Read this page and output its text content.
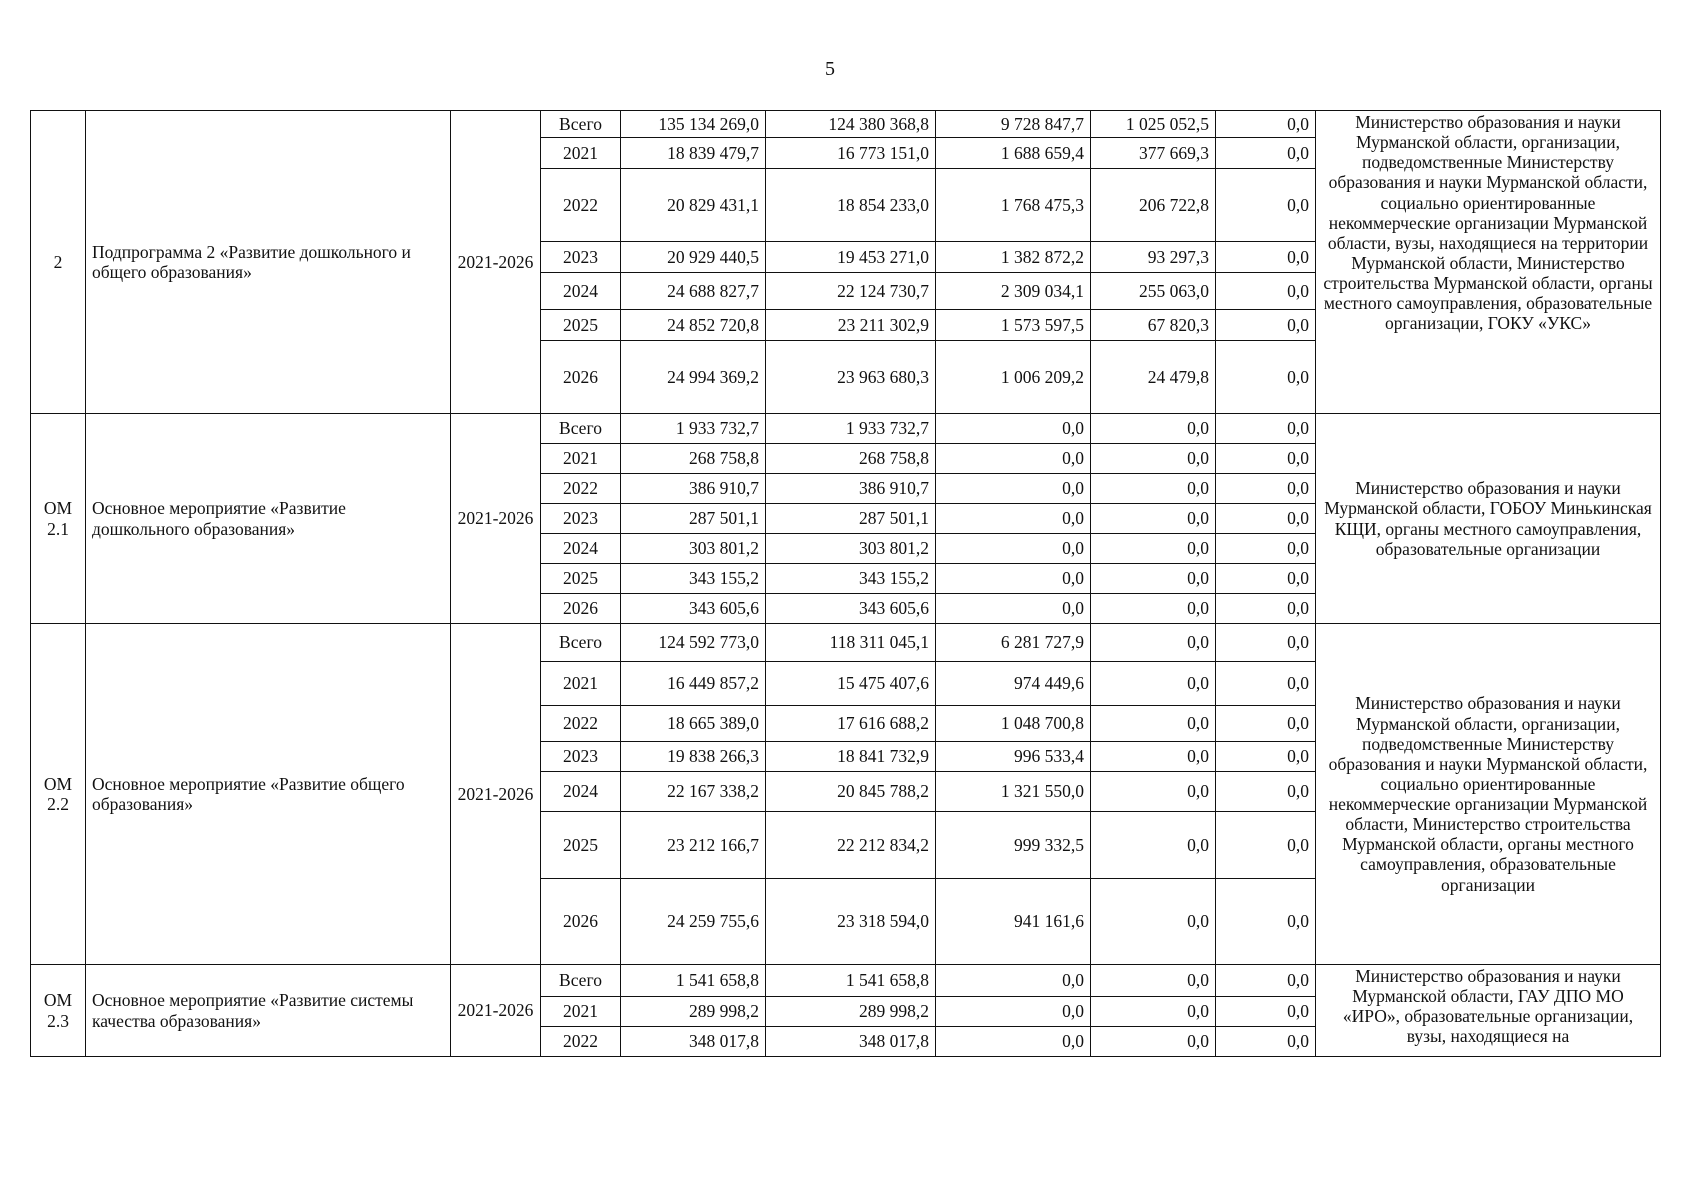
5
2	Подпрограмма 2 «Развитие дошкольного и общего образования»	2021-2026	Всего	135 134 269,0	124 380 368,8	9 728 847,7	1 025 052,5	0,0	Министерство образования и науки Мурманской области, организации, подведомственные Министерству образования и науки Мурманской области, социально ориентированные некоммерческие организации Мурманской области, вузы, находящиеся на территории Мурманской области, Министерство строительства Мурманской области, органы местного самоуправления, образовательные организации, ГОКУ «УКС»
			2021	18 839 479,7	16 773 151,0	1 688 659,4	377 669,3	0,0	
			2022	20 829 431,1	18 854 233,0	1 768 475,3	206 722,8	0,0	
			2023	20 929 440,5	19 453 271,0	1 382 872,2	93 297,3	0,0	
			2024	24 688 827,7	22 124 730,7	2 309 034,1	255 063,0	0,0	
			2025	24 852 720,8	23 211 302,9	1 573 597,5	67 820,3	0,0	
			2026	24 994 369,2	23 963 680,3	1 006 209,2	24 479,8	0,0	
ОМ 2.1	Основное мероприятие «Развитие дошкольного образования»	2021-2026	Всего	1 933 732,7	1 933 732,7	0,0	0,0	0,0	Министерство образования и науки Мурманской области, ГОБОУ Минькинская КЩИ, органы местного самоуправления, образовательные организации
			2021	268 758,8	268 758,8	0,0	0,0	0,0	
			2022	386 910,7	386 910,7	0,0	0,0	0,0	
			2023	287 501,1	287 501,1	0,0	0,0	0,0	
			2024	303 801,2	303 801,2	0,0	0,0	0,0	
			2025	343 155,2	343 155,2	0,0	0,0	0,0	
			2026	343 605,6	343 605,6	0,0	0,0	0,0	
ОМ 2.2	Основное мероприятие «Развитие общего образования»	2021-2026	Всего	124 592 773,0	118 311 045,1	6 281 727,9	0,0	0,0	Министерство образования и науки Мурманской области, организации, подведомственные Министерству образования и науки Мурманской области, социально ориентированные некоммерческие организации Мурманской области, Министерство строительства Мурманской области, органы местного самоуправления, образовательные организации
			2021	16 449 857,2	15 475 407,6	974 449,6	0,0	0,0	
			2022	18 665 389,0	17 616 688,2	1 048 700,8	0,0	0,0	
			2023	19 838 266,3	18 841 732,9	996 533,4	0,0	0,0	
			2024	22 167 338,2	20 845 788,2	1 321 550,0	0,0	0,0	
			2025	23 212 166,7	22 212 834,2	999 332,5	0,0	0,0	
			2026	24 259 755,6	23 318 594,0	941 161,6	0,0	0,0	
ОМ 2.3	Основное мероприятие «Развитие системы качества образования»	2021-2026	Всего	1 541 658,8	1 541 658,8	0,0	0,0	0,0	Министерство образования и науки Мурманской области, ГАУ ДПО МО «ИРО», образовательные организации, вузы, находящиеся на
			2021	289 998,2	289 998,2	0,0	0,0	0,0	
			2022	348 017,8	348 017,8	0,0	0,0	0,0	
